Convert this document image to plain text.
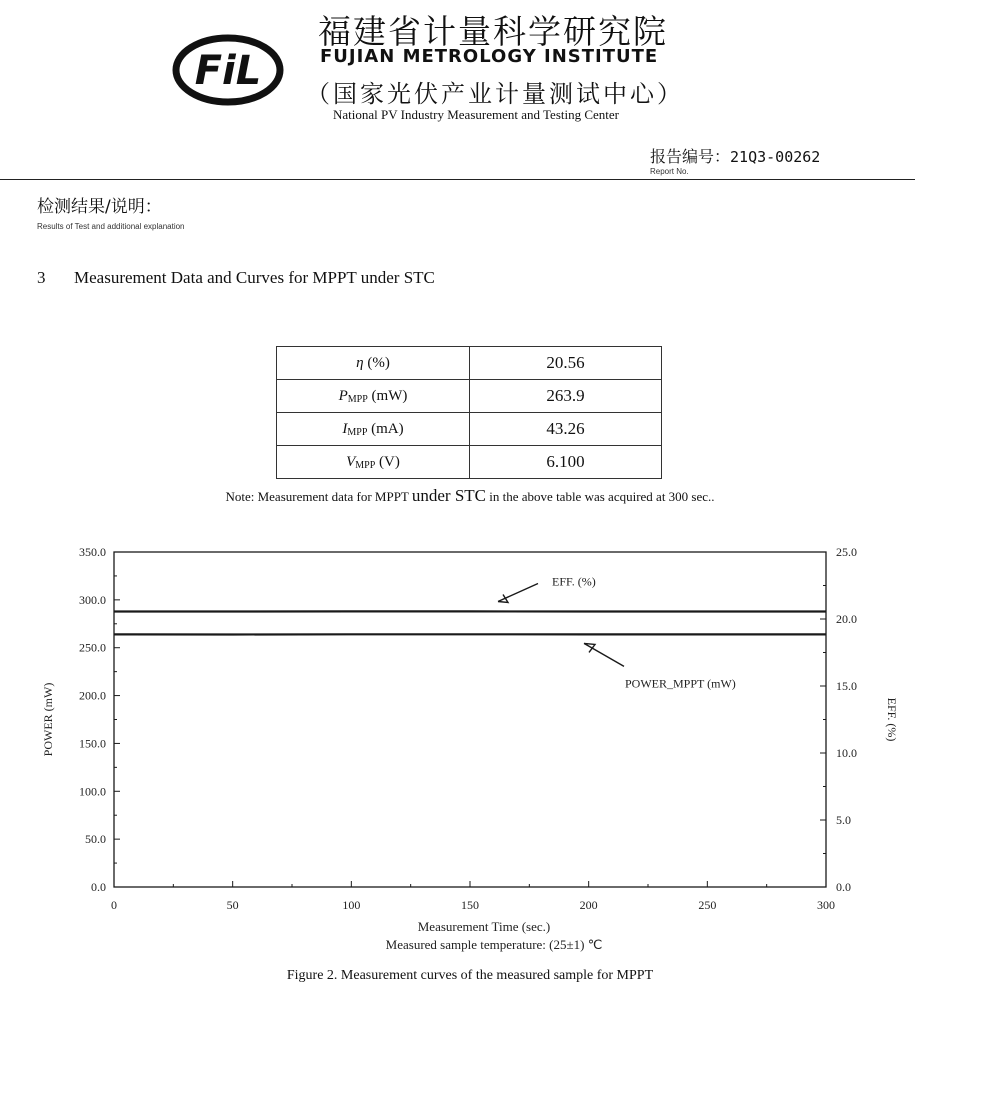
FiL
福建省计量科学研究院
FUJIAN METROLOGY INSTITUTE
（国家光伏产业计量测试中心）
National PV Industry Measurement and Testing Center
报告编号：21Q3-00262
Report No.
检测结果/说明：
Results of Test and additional explanation
3 Measurement Data and Curves for MPPT under STC
η (%)	20.56
$P_{MPP}$ (mW)	263.9
$I_{MPP}$ (mA)	43.26
$V_{MPP}$ (V)	6.100
Note: Measurement data for MPPT under STC in the above table was acquired at 300 sec..
0.0
50.0
100.0
150.0
200.0
250.0
300.0
350.0
0.0
5.0
10.0
15.0
20.0
25.0
0	50	100	150	200	250	300
EFF. (%)
POWER_MPPT (mW)
POWER (mW)	EFF. (%)
Measurement Time (sec.)
Measured sample temperature: (25±1) ℃
Figure 2. Measurement curves of the measured sample for MPPT
